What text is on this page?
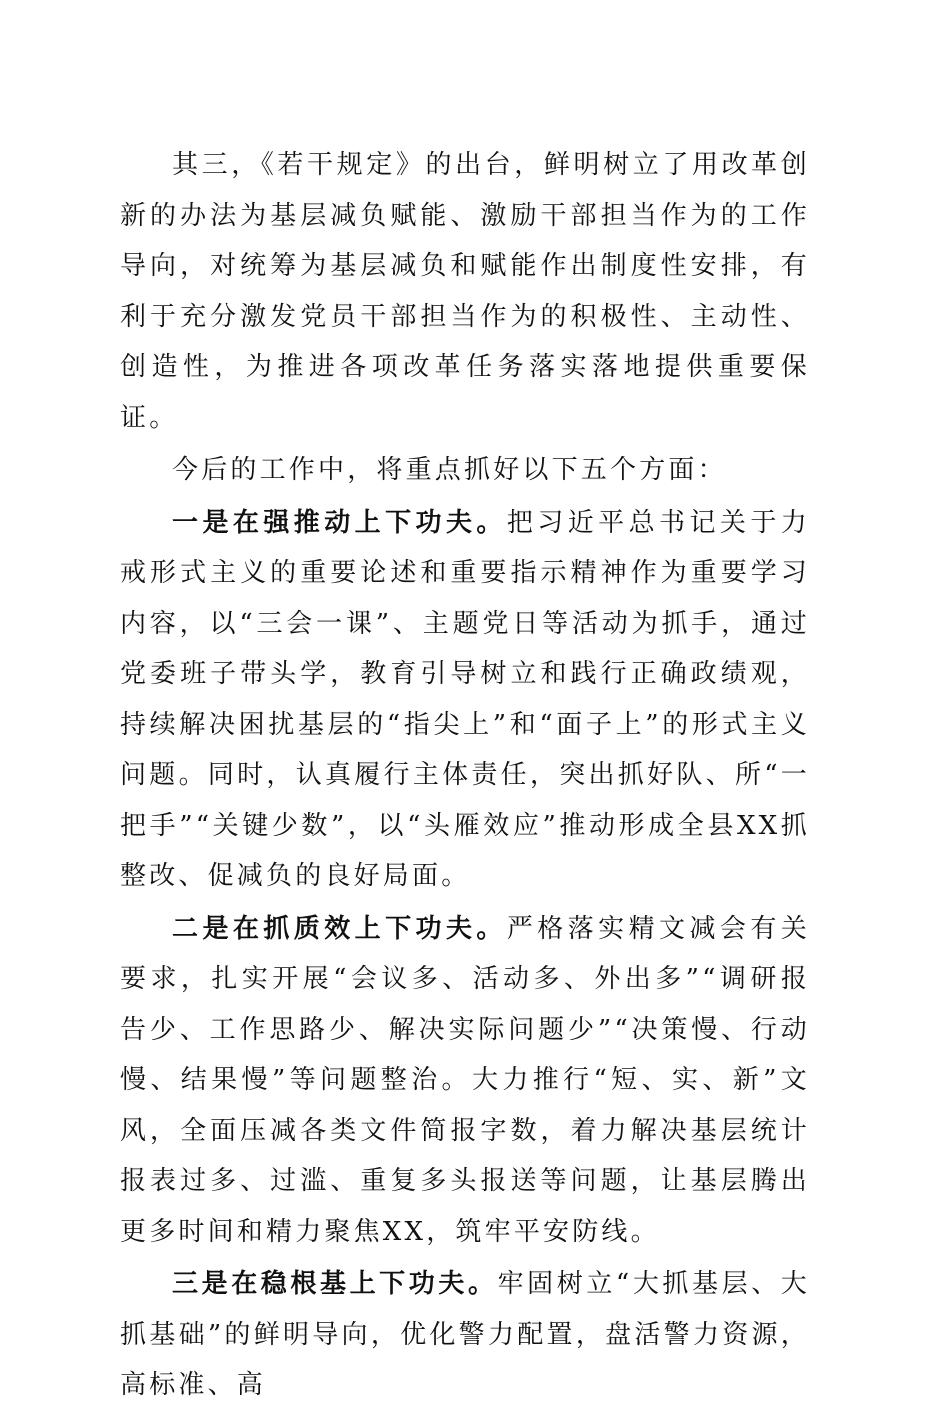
其三，《若干规定》的出台，鲜明树立了用改革创新的办法为基层减负赋能、激励干部担当作为的工作导向，对统筹为基层减负和赋能作出制度性安排，有利于充分激发党员干部担当作为的积极性、主动性、创造性，为推进各项改革任务落实落地提供重要保证。

今后的工作中，将重点抓好以下五个方面：

一是在强推动上下功夫。把习近平总书记关于力戒形式主义的重要论述和重要指示精神作为重要学习内容，以“三会一课”、主题党日等活动为抓手，通过党委班子带头学，教育引导树立和践行正确政绩观，持续解决困扰基层的“指尖上”和“面子上”的形式主义问题。同时，认真履行主体责任，突出抓好队、所“一把手”“关键少数”，以“头雁效应”推动形成全县XX抓整改、促减负的良好局面。

二是在抓质效上下功夫。严格落实精文减会有关要求，扎实开展“会议多、活动多、外出多”“调研报告少、工作思路少、解决实际问题少”“决策慢、行动慢、结果慢”等问题整治。大力推行“短、实、新”文风，全面压减各类文件简报字数，着力解决基层统计报表过多、过滥、重复多头报送等问题，让基层腾出更多时间和精力聚焦XX，筑牢平安防线。

三是在稳根基上下功夫。牢固树立“大抓基层、大抓基础”的鲜明导向，优化警力配置，盘活警力资源，高标准、高
